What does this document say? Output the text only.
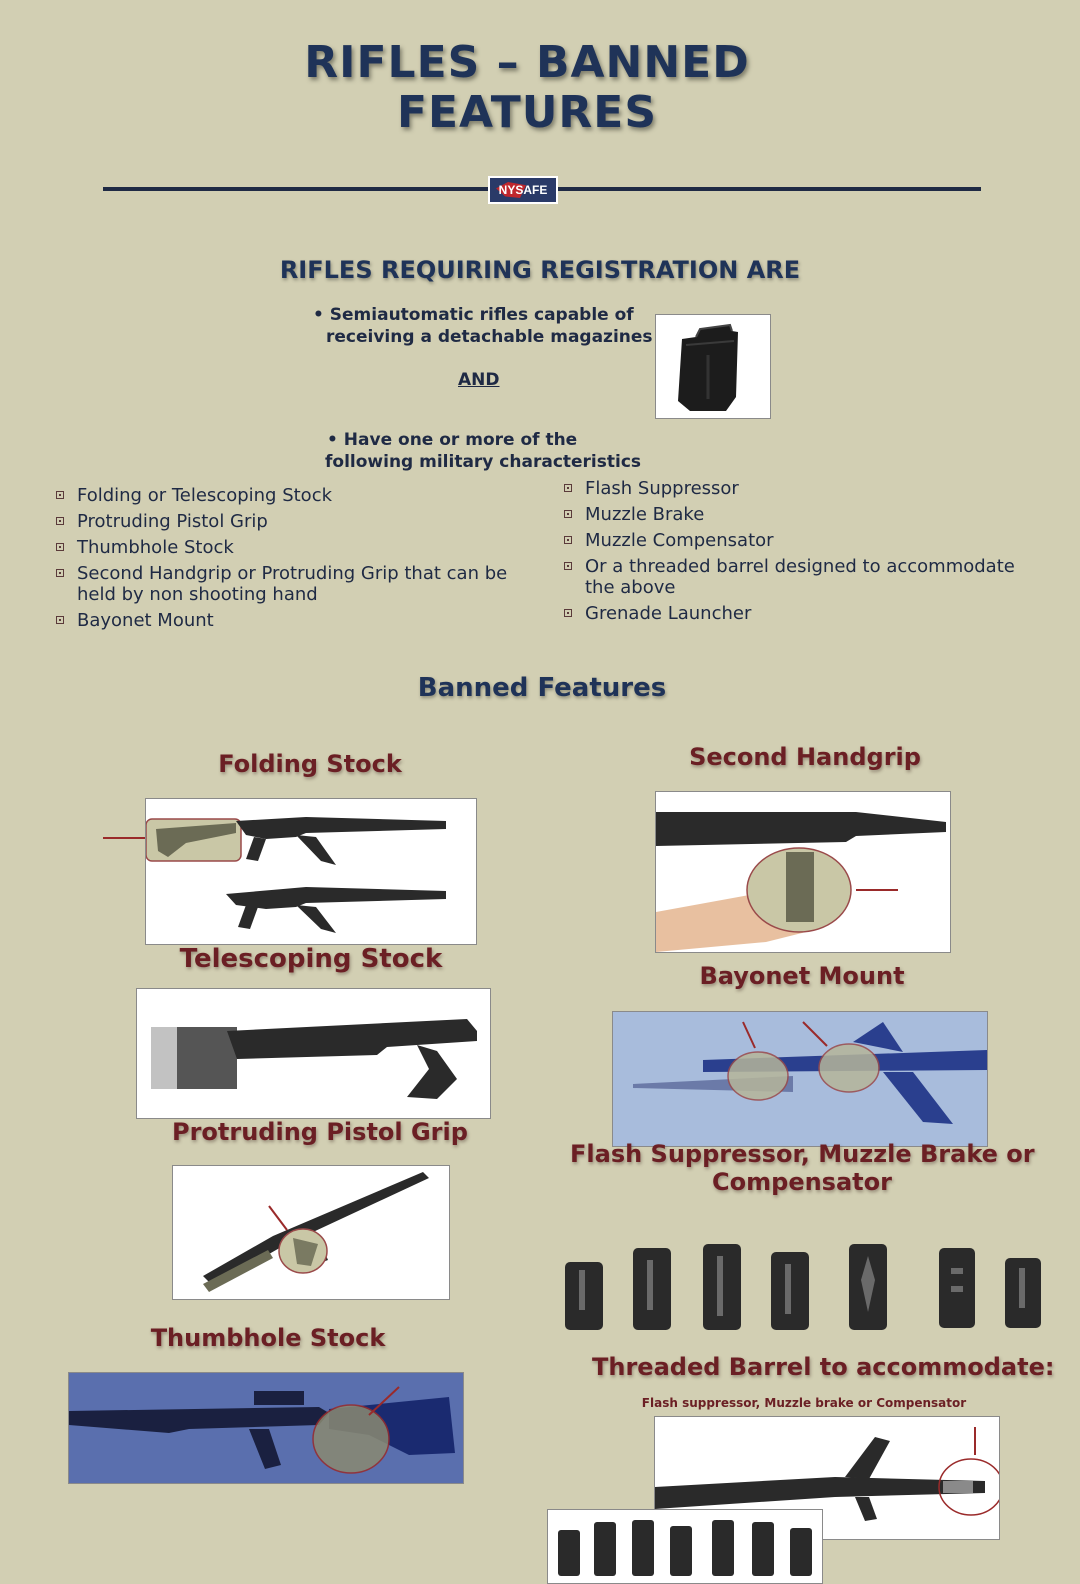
RIFLES – BANNED
FEATURES
NYSAFE
RIFLES REQUIRING REGISTRATION ARE
• Semiautomatic rifles capable of
receiving a detachable magazines
AND
• Have one or more of the
following military characteristics
Folding or Telescoping Stock
Protruding Pistol Grip
Thumbhole Stock
Second Handgrip or Protruding Grip that can be held by non shooting hand
Bayonet Mount
Flash Suppressor
Muzzle Brake
Muzzle Compensator
Or a threaded barrel designed to accommodate the above
Grenade Launcher
Banned Features
Folding Stock
Telescoping Stock
Protruding Pistol Grip
Thumbhole Stock
Second Handgrip
Bayonet Mount
Flash Suppressor, Muzzle Brake or
Compensator
Threaded Barrel to accommodate:
Flash suppressor, Muzzle brake or Compensator
